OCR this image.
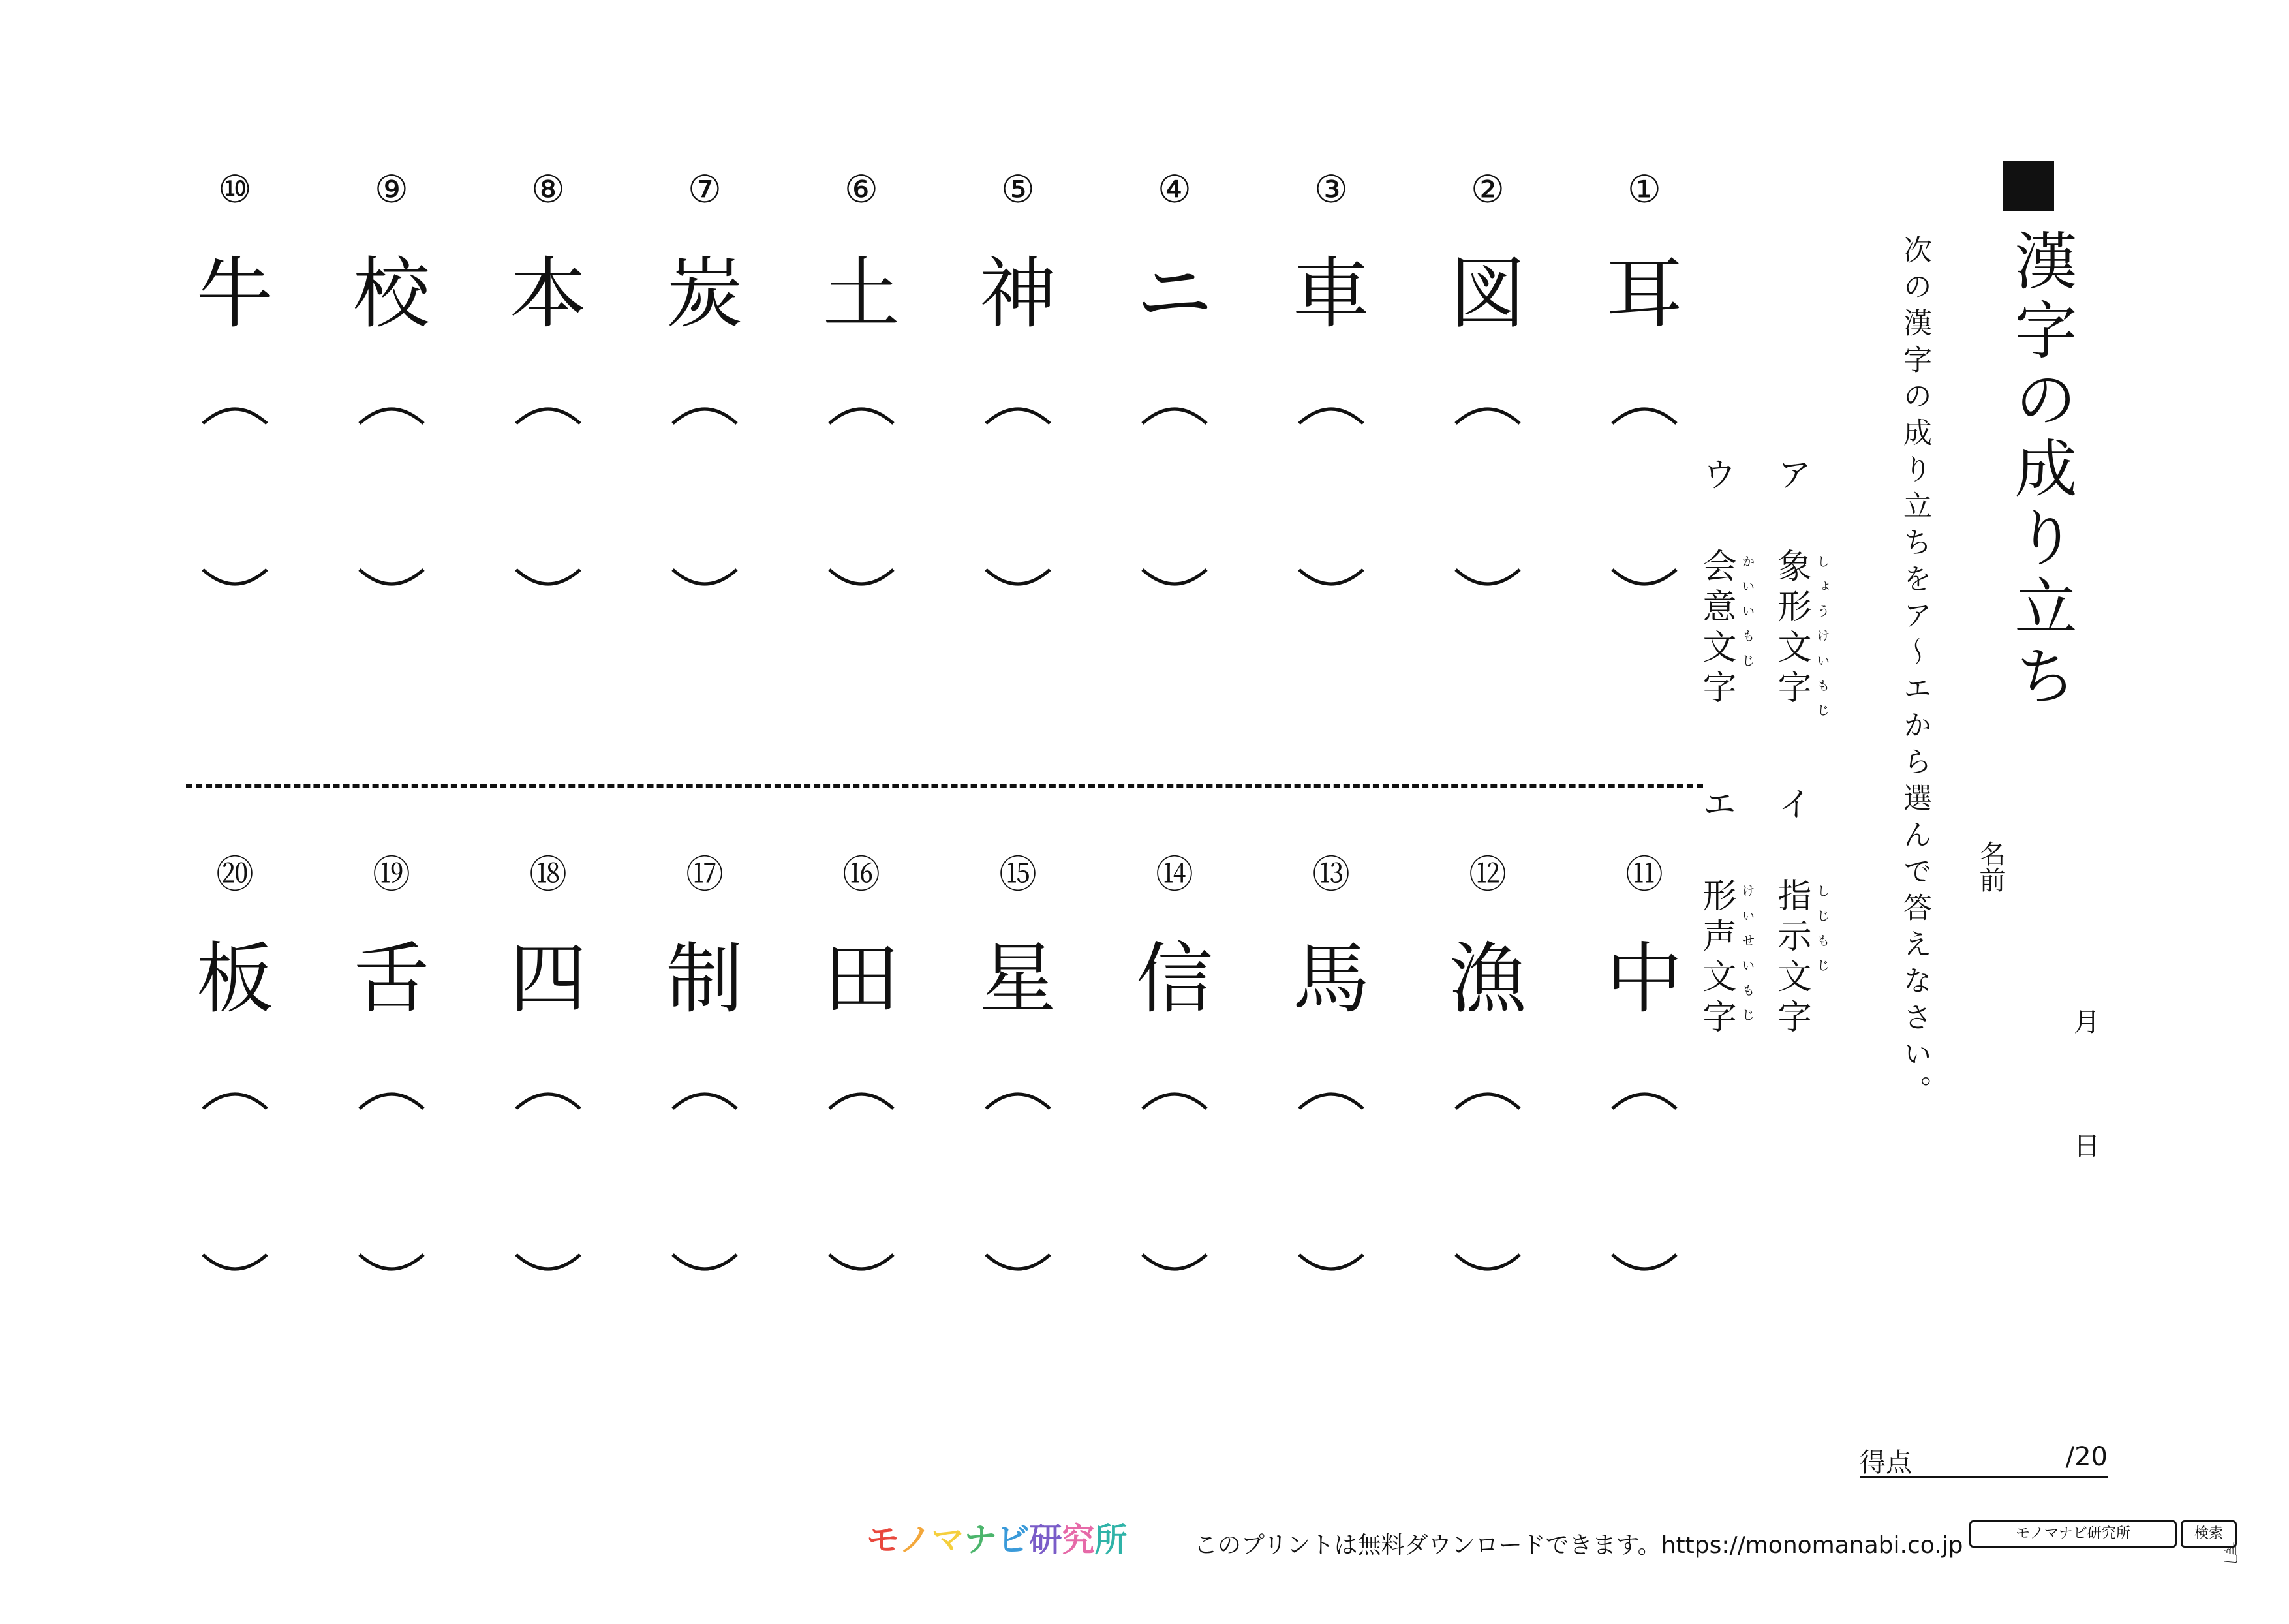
漢字の成り立ち
次の漢字の成り立ちをア～エから選んで答えなさい。 名前
月
日
ア
象形文字 しょうけいもじ
イ
指示文字 しじもじ
ウ
会意文字 かいいもじ
エ
形声文字 けいせいもじ
①
耳
②
図
③
車
④
ニ
⑤
神
⑥
土
⑦
炭
⑧
本
⑨
校
⑩
牛
⑪
中
⑫
漁
⑬
馬
⑭
信
⑮
星
⑯
田
⑰
制
⑱
四
⑲
舌
⑳
板
得点	/20
モノマナビ研究所	このプリントは無料ダウンロードできます。https://monomanabi.co.jp	モノマナビ研究所	検索
☝
